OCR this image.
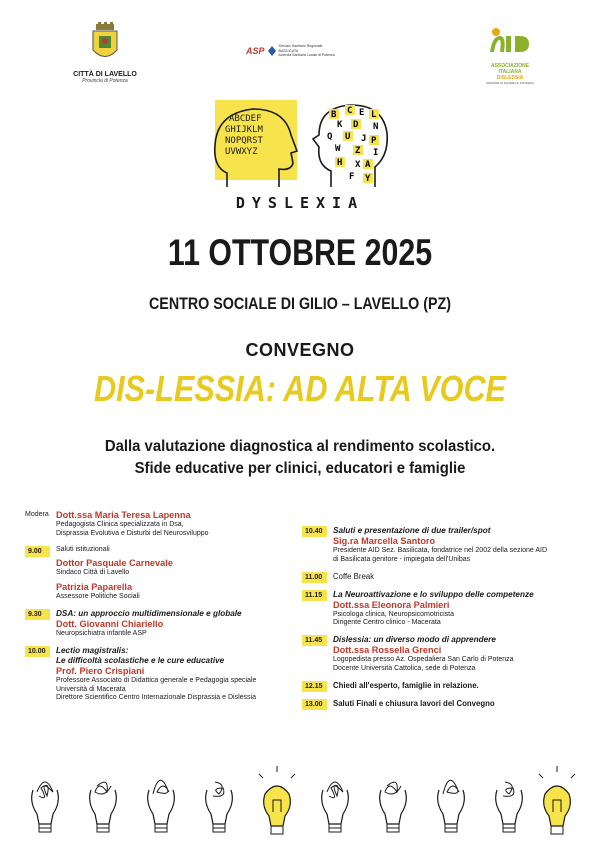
CITTÀ DI LAVELLO
Provincia di Potenza
ASP	Servizio Sanitario Regionale
BASILICATA
Azienda Sanitaria Locale di Potenza
ASSOCIAZIONE
ITALIANA
DISLESSIA
SEZIONE DI MATERA E POTENZA
ABCDEF
GHIJKLM
NOPQRST
UVWXYZ
B C E L
K D N
Q U J P
W Z I
H X A
F Y
DYSLEXIA
11 OTTOBRE 2025
CENTRO SOCIALE DI GILIO – LAVELLO (PZ)
CONVEGNO
DIS-LESSIA: AD ALTA VOCE
Dalla valutazione diagnostica al rendimento scolastico.
Sfide educative per clinici, educatori e famiglie
Modera Dott.ssa Maria Teresa Lapenna
Pedagogista Clinica specializzata in Dsa,
Disprassia Evolutiva e Disturbi del Neurosviluppo
9.00	Saluti istituzionali
Dottor Pasquale Carnevale
Sindaco Città di Lavello
Patrizia Paparella
Assessore Politiche Sociali
9.30	DSA: un approccio multidimensionale e globale
Dott. Giovanni Chiariello
Neuropsichiatra infantile ASP
10.00	Lectio magistralis:
Le difficoltà scolastiche e le cure educative
Prof. Piero Crispiani
Professore Associato di Didattica generale e Pedagogia speciale
Università di Macerata
Direttore Scientifico Centro Internazionale Disprassia e Dislessia
10.40	Saluti e presentazione di due trailer/spot
Sig.ra Marcella Santoro
Presidente AID Sez. Basilicata, fondatrice nel 2002 della sezione AID
di Basilicata genitore - impiegata dell'Unibas
11.00	Coffe Break
11.15	La Neuroattivazione e lo sviluppo delle competenze
Dott.ssa Eleonora Palmieri
Psicologa clinica, Neuropsicomotricista
Dirigente Centro clinico - Macerata
11.45	Dislessia: un diverso modo di apprendere
Dott.ssa Rossella Grenci
Logopedista presso Az. Ospedaliera San Carlo di Potenza
Docente Università Cattolica, sede di Potenza
12.15	Chiedi all'esperto, famiglie in relazione.
13.00	Saluti Finali e chiusura lavori del Convegno
